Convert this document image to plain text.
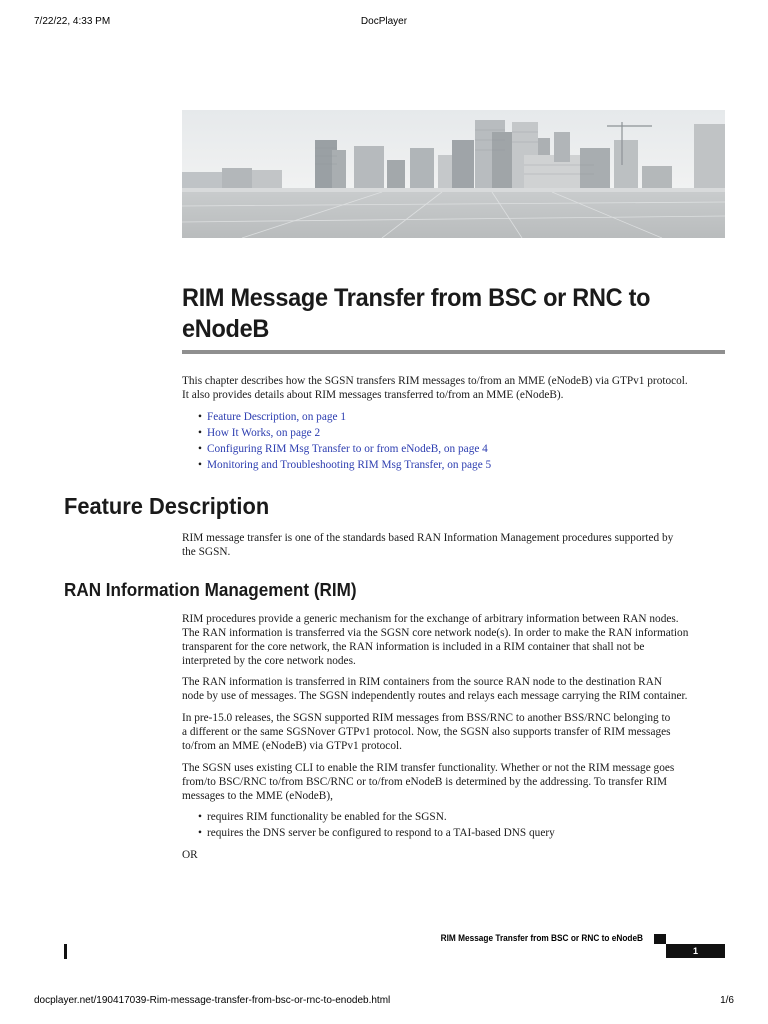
7/22/22, 4:33 PM	DocPlayer
RIM Message Transfer from BSC or RNC to
eNodeB

This chapter describes how the SGSN transfers RIM messages to/from an MME (eNodeB) via GTPv1 protocol.
It also provides details about RIM messages transferred to/from an MME (eNodeB).

• Feature Description, on page 1
• How It Works, on page 2
• Configuring RIM Msg Transfer to or from eNodeB, on page 4
• Monitoring and Troubleshooting RIM Msg Transfer, on page 5
Feature Description

RIM message transfer is one of the standards based RAN Information Management procedures supported by
the SGSN.

RAN Information Management (RIM)

RIM procedures provide a generic mechanism for the exchange of arbitrary information between RAN nodes.
The RAN information is transferred via the SGSN core network node(s). In order to make the RAN information
transparent for the core network, the RAN information is included in a RIM container that shall not be
interpreted by the core network nodes.

The RAN information is transferred in RIM containers from the source RAN node to the destination RAN
node by use of messages. The SGSN independently routes and relays each message carrying the RIM container.

In pre-15.0 releases, the SGSN supported RIM messages from BSS/RNC to another BSS/RNC belonging to
a different or the same SGSNover GTPv1 protocol. Now, the SGSN also supports transfer of RIM messages
to/from an MME (eNodeB) via GTPv1 protocol.

The SGSN uses existing CLI to enable the RIM transfer functionality. Whether or not the RIM message goes
from/to BSC/RNC to/from BSC/RNC or to/from eNodeB is determined by the addressing. To transfer RIM
messages to the MME (eNodeB),

• requires RIM functionality be enabled for the SGSN.
• requires the DNS server be configured to respond to a TAI-based DNS query

OR

RIM Message Transfer from BSC or RNC to eNodeB
1
docplayer.net/190417039-Rim-message-transfer-from-bsc-or-rnc-to-enodeb.html	1/6
